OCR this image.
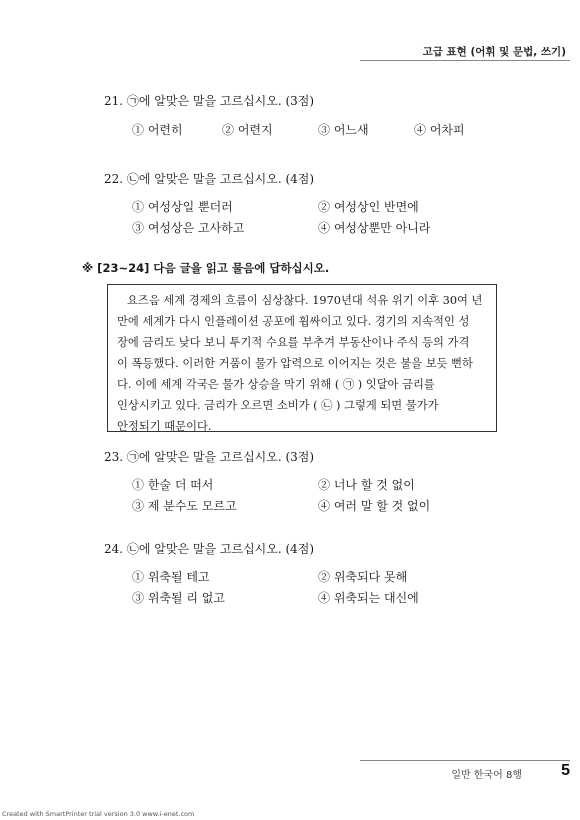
고급 표현 (어휘 및 문법, 쓰기)
21. ㉠에 알맞은 말을 고르십시오. (3점)
① 어련히	② 어련지	③ 어느새	④ 어차피
22. ㉡에 알맞은 말을 고르십시오. (4점)
① 여성상일 뿐더러	② 여성상인 반면에
③ 여성상은 고사하고	④ 여성상뿐만 아니라
※ [23~24] 다음 글을 읽고 물음에 답하십시오.
요즈음 세계 경제의 흐름이 심상찮다. 1970년대 석유 위기 이후 30여 년
만에 세계가 다시 인플레이션 공포에 휩싸이고 있다. 경기의 지속적인 성
장에 금리도 낮다 보니 투기적 수요를 부추겨 부동산이나 주식 등의 가격
이 폭등했다. 이러한 거품이 물가 압력으로 이어지는 것은 불을 보듯 뻔하
다. 이에 세계 각국은 물가 상승을 막기 위해 ( ㉠ ) 잇달아 금리를
인상시키고 있다. 금리가 오르면 소비가 ( ㉡ ) 그렇게 되면 물가가
안정되기 때문이다.
23. ㉠에 알맞은 말을 고르십시오. (3점)
① 한술 더 떠서	② 너나 할 것 없이
③ 제 분수도 모르고	④ 여러 말 할 것 없이
24. ㉡에 알맞은 말을 고르십시오. (4점)
① 위축될 테고	② 위축되다 못해
③ 위축될 리 없고	④ 위축되는 대신에
일반 한국어 8행 5
Created with SmartPrinter trial version 3.0 www.i-enet.com
